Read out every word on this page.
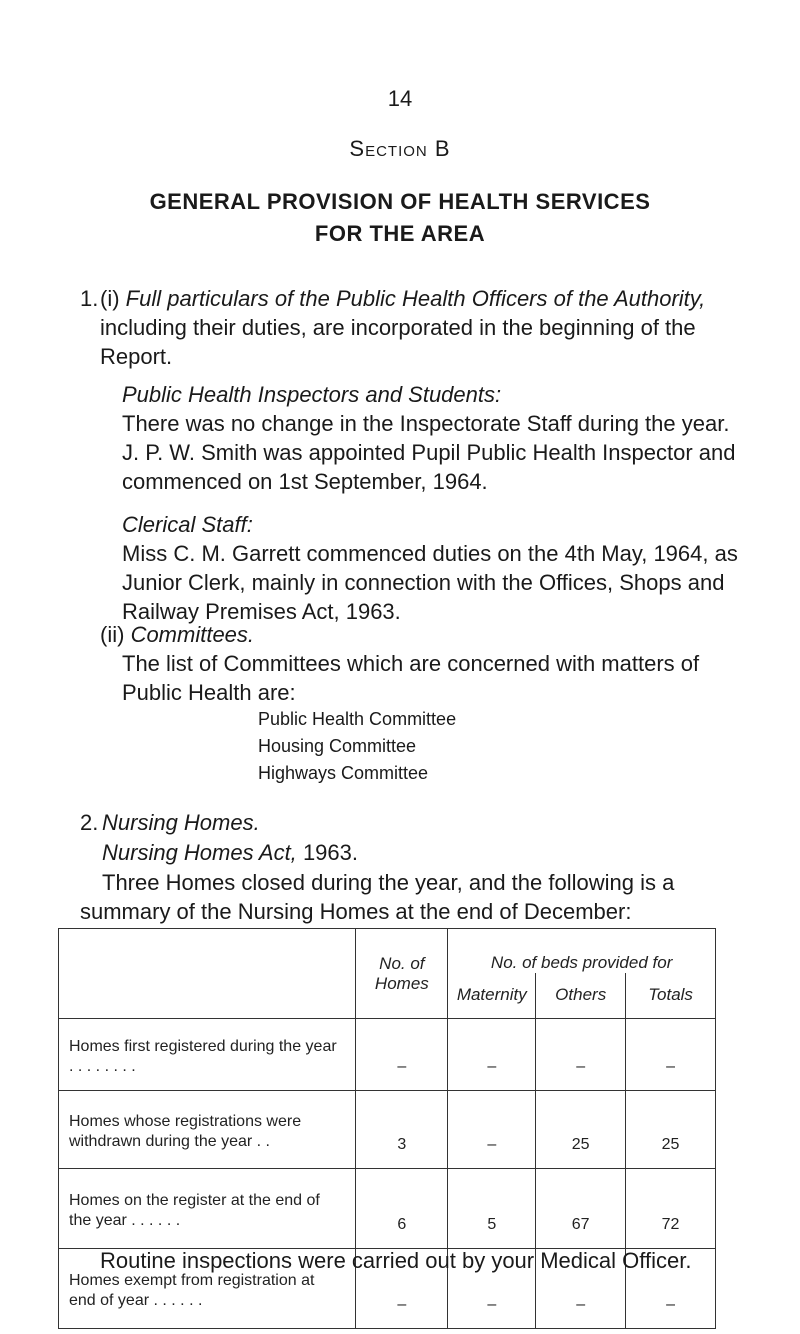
14
Section B
GENERAL PROVISION OF HEALTH SERVICES
FOR THE AREA
1. (i) Full particulars of the Public Health Officers of the Authority, including their duties, are incorporated in the beginning of the Report.
Public Health Inspectors and Students:
There was no change in the Inspectorate Staff during the year. J. P. W. Smith was appointed Pupil Public Health Inspector and commenced on 1st September, 1964.
Clerical Staff:
Miss C. M. Garrett commenced duties on the 4th May, 1964, as Junior Clerk, mainly in connection with the Offices, Shops and Railway Premises Act, 1963.
(ii) Committees.
The list of Committees which are concerned with matters of Public Health are:
Public Health Committee
Housing Committee
Highways Committee
2. Nursing Homes.
Nursing Homes Act, 1963.
Three Homes closed during the year, and the following is a summary of the Nursing Homes at the end of December:
	No. of Homes	No. of beds provided for		
		Maternity	Others	Totals
Homes first registered during the year . . . . . . . .	–	–	–	–
Homes whose registrations were withdrawn during the year . .	3	–	25	25
Homes on the register at the end of the year . . . . . .	6	5	67	72
Homes exempt from registration at end of year . . . . . .	–	–	–	–
Routine inspections were carried out by your Medical Officer.
